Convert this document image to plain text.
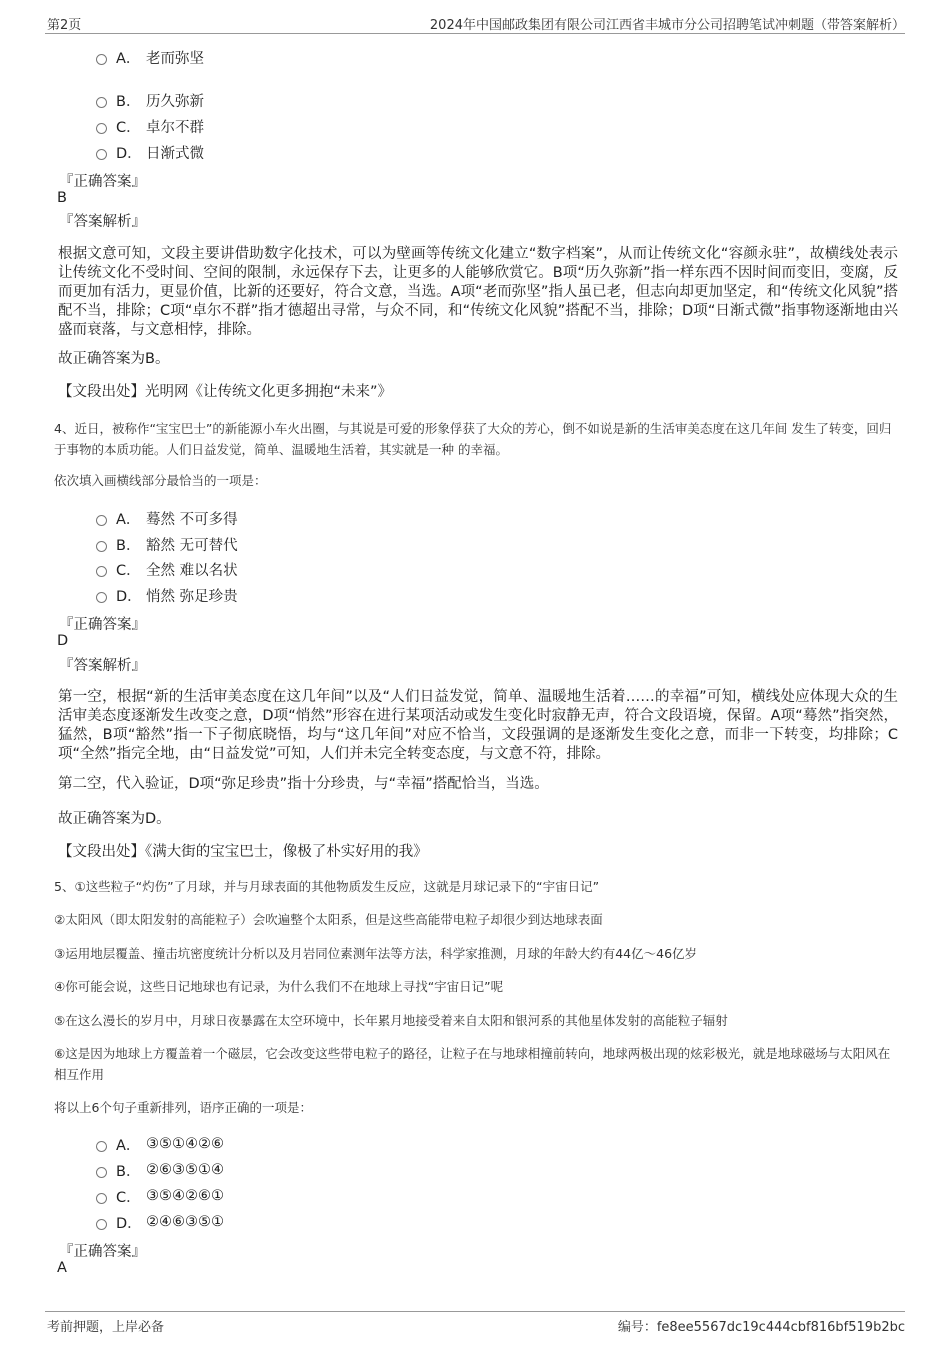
第2页	2024年中国邮政集团有限公司江西省丰城市分公司招聘笔试冲刺题（带答案解析）
A． 老而弥坚
B． 历久弥新
C． 卓尔不群
D． 日渐式微
『正确答案』
B
『答案解析』
根据文意可知，文段主要讲借助数字化技术，可以为壁画等传统文化建立“数字档案”，从而让传统文化“容颜永驻”，故横线处表示让传统文化不受时间、空间的限制，永远保存下去，让更多的人能够欣赏它。B项“历久弥新”指一样东西不因时间而变旧，变腐，反而更加有活力，更显价值，比新的还要好，符合文意，当选。A项“老而弥坚”指人虽已老，但志向却更加坚定，和“传统文化风貌”搭配不当，排除；C项“卓尔不群”指才德超出寻常，与众不同，和“传统文化风貌”搭配不当，排除；D项“日渐式微”指事物逐渐地由兴盛而衰落，与文意相悖，排除。
故正确答案为B。
【文段出处】光明网《让传统文化更多拥抱“未来”》
4、近日，被称作“宝宝巴士”的新能源小车火出圈，与其说是可爱的形象俘获了大众的芳心，倒不如说是新的生活审美态度在这几年间 发生了转变，回归于事物的本质功能。人们日益发觉，简单、温暖地生活着，其实就是一种 的幸福。
依次填入画横线部分最恰当的一项是：
A． 蓦然 不可多得
B． 豁然 无可替代
C． 全然 难以名状
D． 悄然 弥足珍贵
『正确答案』
D
『答案解析』
第一空，根据“新的生活审美态度在这几年间”以及“人们日益发觉，简单、温暖地生活着……的幸福”可知，横线处应体现大众的生活审美态度逐渐发生改变之意，D项“悄然”形容在进行某项活动或发生变化时寂静无声，符合文段语境，保留。A项“蓦然”指突然，猛然，B项“豁然”指一下子彻底晓悟，均与“这几年间”对应不恰当，文段强调的是逐渐发生变化之意，而非一下转变，均排除；C项“全然”指完全地，由“日益发觉”可知，人们并未完全转变态度，与文意不符，排除。
第二空，代入验证，D项“弥足珍贵”指十分珍贵，与“幸福”搭配恰当，当选。
故正确答案为D。
【文段出处】《满大街的宝宝巴士，像极了朴实好用的我》
5、①这些粒子“灼伤”了月球，并与月球表面的其他物质发生反应，这就是月球记录下的“宇宙日记”
②太阳风（即太阳发射的高能粒子）会吹遍整个太阳系，但是这些高能带电粒子却很少到达地球表面
③运用地层覆盖、撞击坑密度统计分析以及月岩同位素测年法等方法，科学家推测，月球的年龄大约有44亿～46亿岁
④你可能会说，这些日记地球也有记录，为什么我们不在地球上寻找“宇宙日记”呢
⑤在这么漫长的岁月中，月球日夜暴露在太空环境中，长年累月地接受着来自太阳和银河系的其他星体发射的高能粒子辐射
⑥这是因为地球上方覆盖着一个磁层，它会改变这些带电粒子的路径，让粒子在与地球相撞前转向，地球两极出现的炫彩极光，就是地球磁场与太阳风在相互作用
将以上6个句子重新排列，语序正确的一项是：
A． ③⑤①④②⑥
B． ②⑥③⑤①④
C． ③⑤④②⑥①
D． ②④⑥③⑤①
『正确答案』
A
考前押题，上岸必备	编号：fe8ee5567dc19c444cbf816bf519b2bc
